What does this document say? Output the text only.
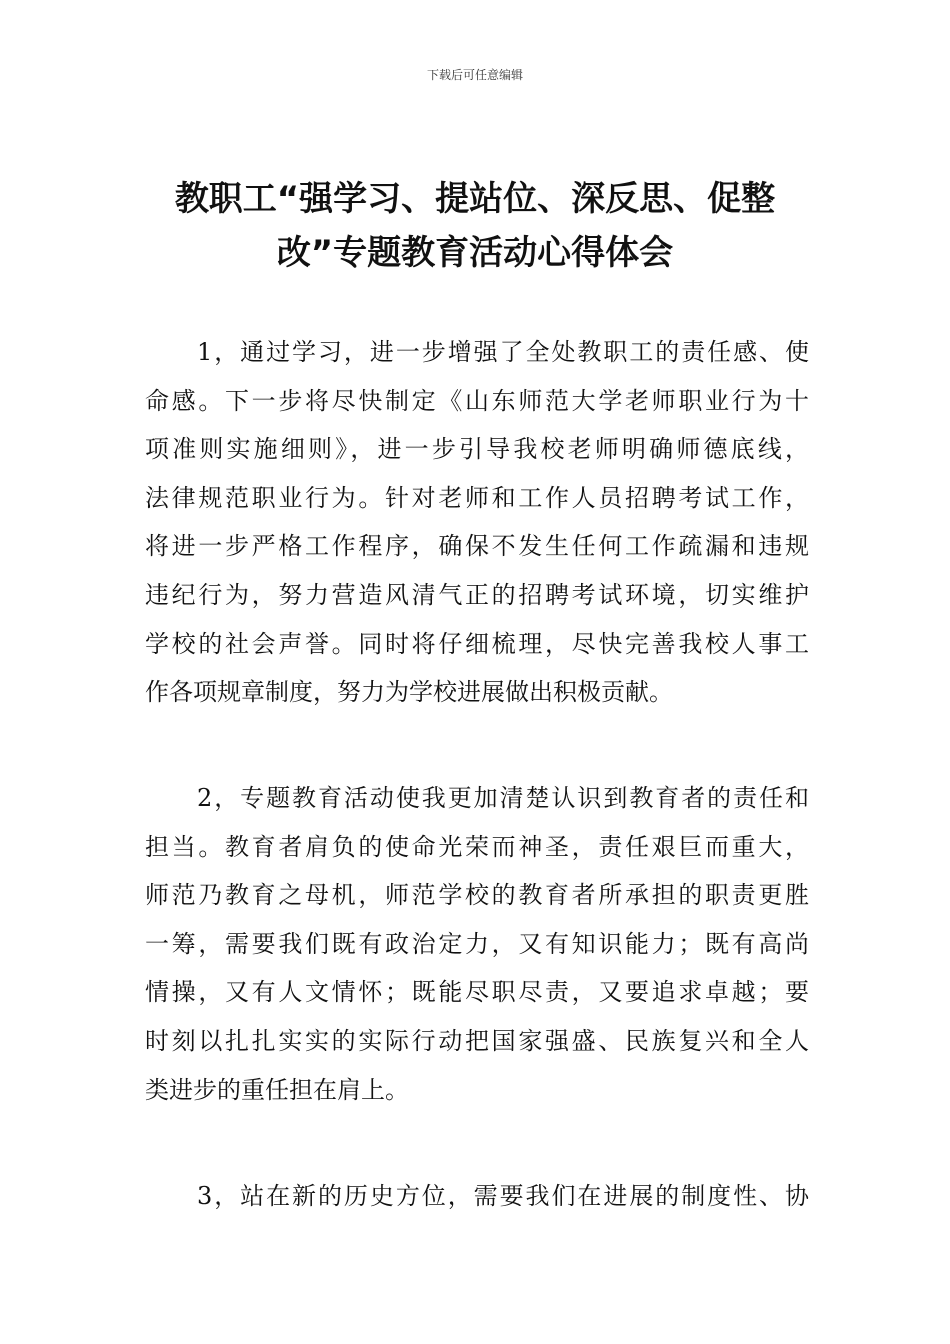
下载后可任意编辑
教职工“强学习、提站位、深反思、促整
改”专题教育活动心得体会
1，通过学习，进一步增强了全处教职工的责任感、使
命感。下一步将尽快制定《山东师范大学老师职业行为十
项准则实施细则》，进一步引导我校老师明确师德底线，
法律规范职业行为。针对老师和工作人员招聘考试工作，
将进一步严格工作程序，确保不发生任何工作疏漏和违规
违纪行为，努力营造风清气正的招聘考试环境，切实维护
学校的社会声誉。同时将仔细梳理，尽快完善我校人事工
作各项规章制度，努力为学校进展做出积极贡献。
2，专题教育活动使我更加清楚认识到教育者的责任和
担当。教育者肩负的使命光荣而神圣，责任艰巨而重大，
师范乃教育之母机，师范学校的教育者所承担的职责更胜
一筹，需要我们既有政治定力，又有知识能力；既有高尚
情操，又有人文情怀；既能尽职尽责，又要追求卓越；要
时刻以扎扎实实的实际行动把国家强盛、民族复兴和全人
类进步的重任担在肩上。
3，站在新的历史方位，需要我们在进展的制度性、协
